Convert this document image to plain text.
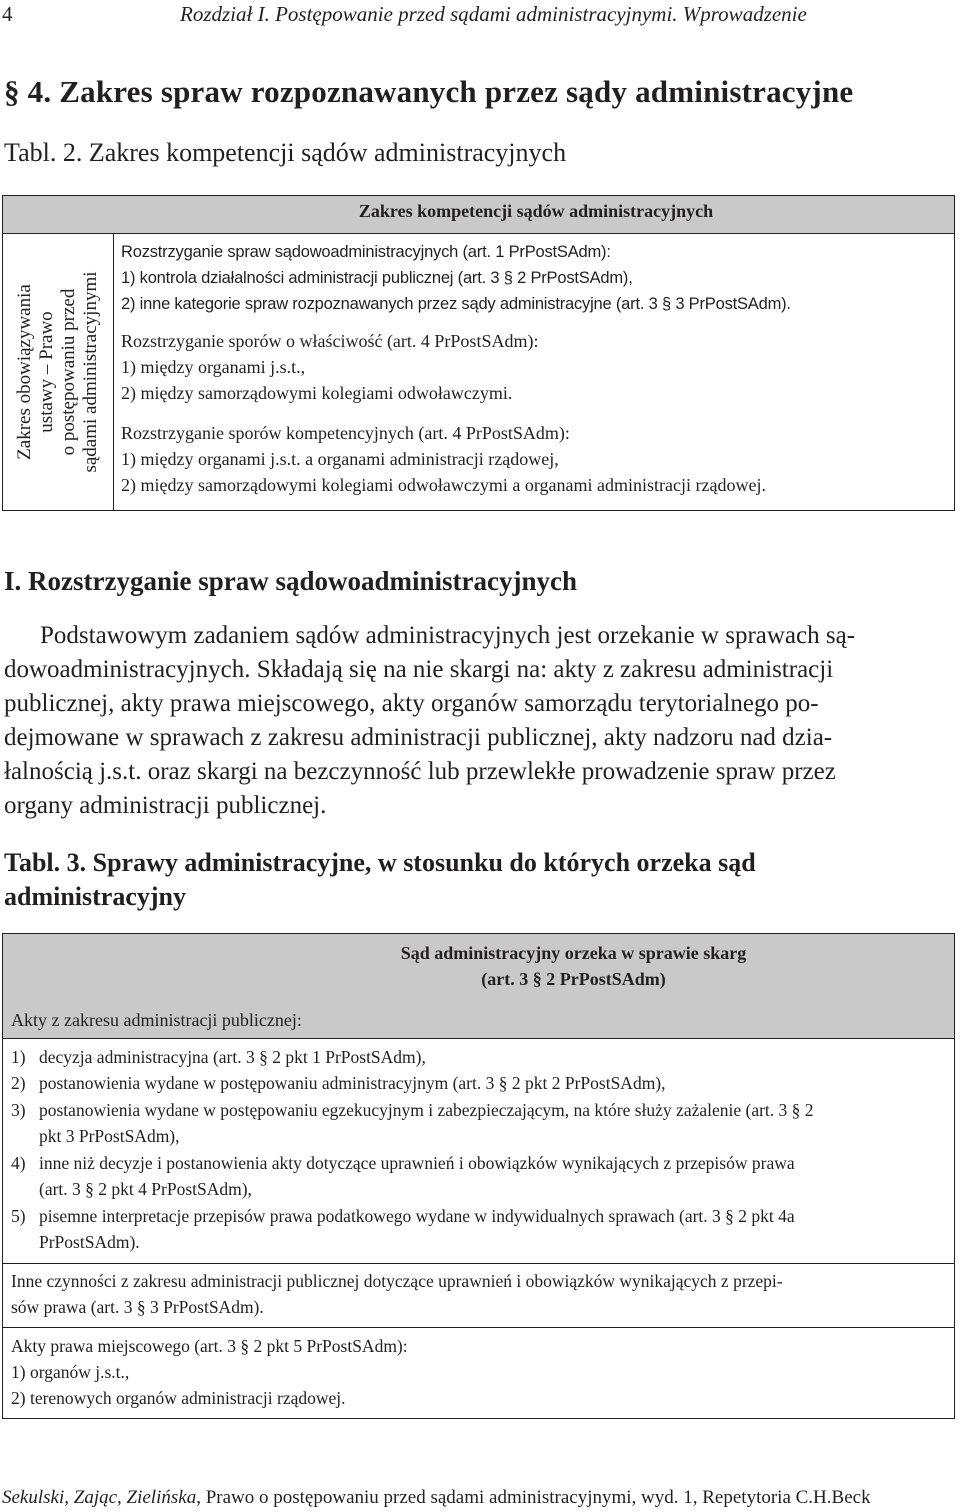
4	Rozdział I. Postępowanie przed sądami administracyjnymi. Wprowadzenie
§ 4. Zakres spraw rozpoznawanych przez sądy administracyjne
Tabl. 2. Zakres kompetencji sądów administracyjnych
Zakres kompetencji sądów administracyjnych
Zakres obowiązywania ustawy – Prawo o postępowaniu przed sądami administracyjnymi
Rozstrzyganie spraw sądowoadministracyjnych (art. 1 PrPostSAdm):
1) kontrola działalności administracji publicznej (art. 3 § 2 PrPostSAdm),
2) inne kategorie spraw rozpoznawanych przez sądy administracyjne (art. 3 § 3 PrPostSAdm).
Rozstrzyganie sporów o właściwość (art. 4 PrPostSAdm):
1) między organami j.s.t.,
2) między samorządowymi kolegiami odwoławczymi.
Rozstrzyganie sporów kompetencyjnych (art. 4 PrPostSAdm):
1) między organami j.s.t. a organami administracji rządowej,
2) między samorządowymi kolegiami odwoławczymi a organami administracji rządowej.
I. Rozstrzyganie spraw sądowoadministracyjnych
Podstawowym zadaniem sądów administracyjnych jest orzekanie w sprawach są-
dowoadministracyjnych. Składają się na nie skargi na: akty z zakresu administracji
publicznej, akty prawa miejscowego, akty organów samorządu terytorialnego po-
dejmowane w sprawach z zakresu administracji publicznej, akty nadzoru nad dzia-
łalnością j.s.t. oraz skargi na bezczynność lub przewlekłe prowadzenie spraw przez
organy administracji publicznej.
Tabl. 3. Sprawy administracyjne, w stosunku do których orzeka sąd
administracyjny
Sąd administracyjny orzeka w sprawie skarg
(art. 3 § 2 PrPostSAdm)
Akty z zakresu administracji publicznej:
1) decyzja administracyjna (art. 3 § 2 pkt 1 PrPostSAdm),
2) postanowienia wydane w postępowaniu administracyjnym (art. 3 § 2 pkt 2 PrPostSAdm),
3) postanowienia wydane w postępowaniu egzekucyjnym i zabezpieczającym, na które służy zażalenie (art. 3 § 2
pkt 3 PrPostSAdm),
4) inne niż decyzje i postanowienia akty dotyczące uprawnień i obowiązków wynikających z przepisów prawa
(art. 3 § 2 pkt 4 PrPostSAdm),
5) pisemne interpretacje przepisów prawa podatkowego wydane w indywidualnych sprawach (art. 3 § 2 pkt 4a
PrPostSAdm).
Inne czynności z zakresu administracji publicznej dotyczące uprawnień i obowiązków wynikających z przepi-
sów prawa (art. 3 § 3 PrPostSAdm).
Akty prawa miejscowego (art. 3 § 2 pkt 5 PrPostSAdm):
1) organów j.s.t.,
2) terenowych organów administracji rządowej.
Sekulski, Zając, Zielińska, Prawo o postępowaniu przed sądami administracyjnymi, wyd. 1, Repetytoria C.H.Beck
